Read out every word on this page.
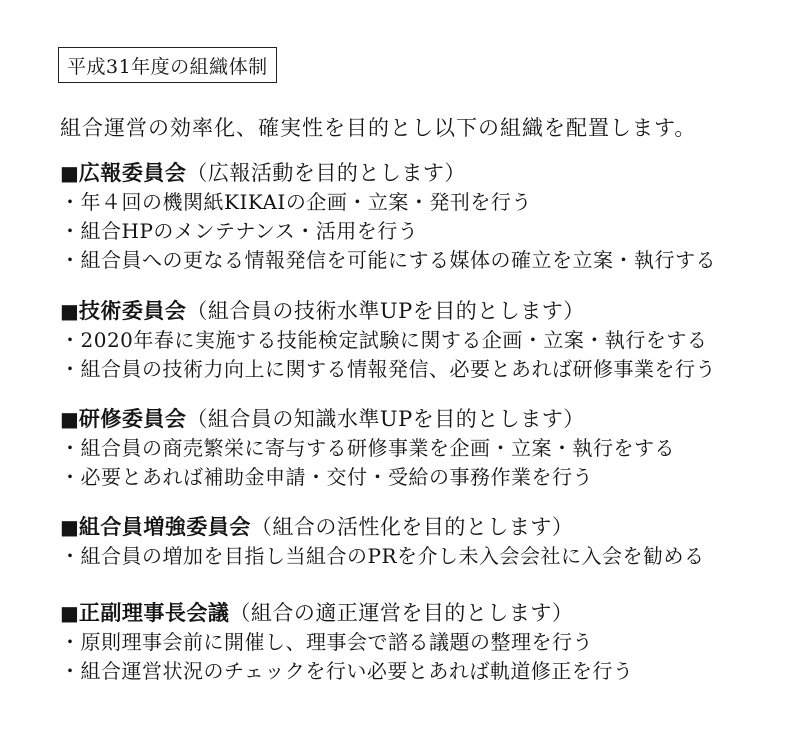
平成31年度の組織体制
組合運営の効率化、確実性を目的とし以下の組織を配置します。
■広報委員会（広報活動を目的とします）
・年４回の機関紙KIKAIの企画・立案・発刊を行う
・組合HPのメンテナンス・活用を行う
・組合員への更なる情報発信を可能にする媒体の確立を立案・執行する
■技術委員会（組合員の技術水準UPを目的とします）
・2020年春に実施する技能検定試験に関する企画・立案・執行をする
・組合員の技術力向上に関する情報発信、必要とあれば研修事業を行う
■研修委員会（組合員の知識水準UPを目的とします）
・組合員の商売繁栄に寄与する研修事業を企画・立案・執行をする
・必要とあれば補助金申請・交付・受給の事務作業を行う
■組合員増強委員会（組合の活性化を目的とします）
・組合員の増加を目指し当組合のPRを介し未入会会社に入会を勧める
■正副理事長会議（組合の適正運営を目的とします）
・原則理事会前に開催し、理事会で諮る議題の整理を行う
・組合運営状況のチェックを行い必要とあれば軌道修正を行う
